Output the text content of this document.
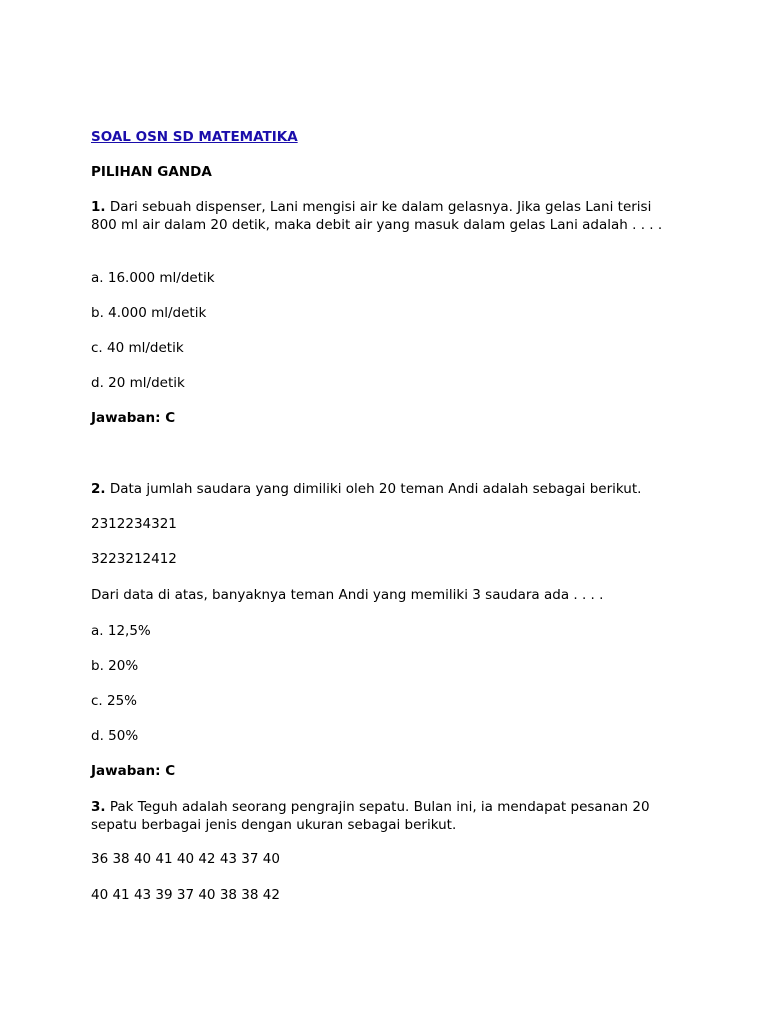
SOAL OSN SD MATEMATIKA
PILIHAN GANDA
1. Dari sebuah dispenser, Lani mengisi air ke dalam gelasnya. Jika gelas Lani terisi 800 ml air dalam 20 detik, maka debit air yang masuk dalam gelas Lani adalah . . . .
a. 16.000 ml/detik
b. 4.000 ml/detik
c. 40 ml/detik
d. 20 ml/detik
Jawaban: C
2. Data jumlah saudara yang dimiliki oleh 20 teman Andi adalah sebagai berikut.
2312234321
3223212412
Dari data di atas, banyaknya teman Andi yang memiliki 3 saudara ada . . . .
a. 12,5%
b. 20%
c. 25%
d. 50%
Jawaban: C
3. Pak Teguh adalah seorang pengrajin sepatu. Bulan ini, ia mendapat pesanan 20 sepatu berbagai jenis dengan ukuran sebagai berikut.
36 38 40 41 40 42 43 37 40
40 41 43 39 37 40 38 38 42
